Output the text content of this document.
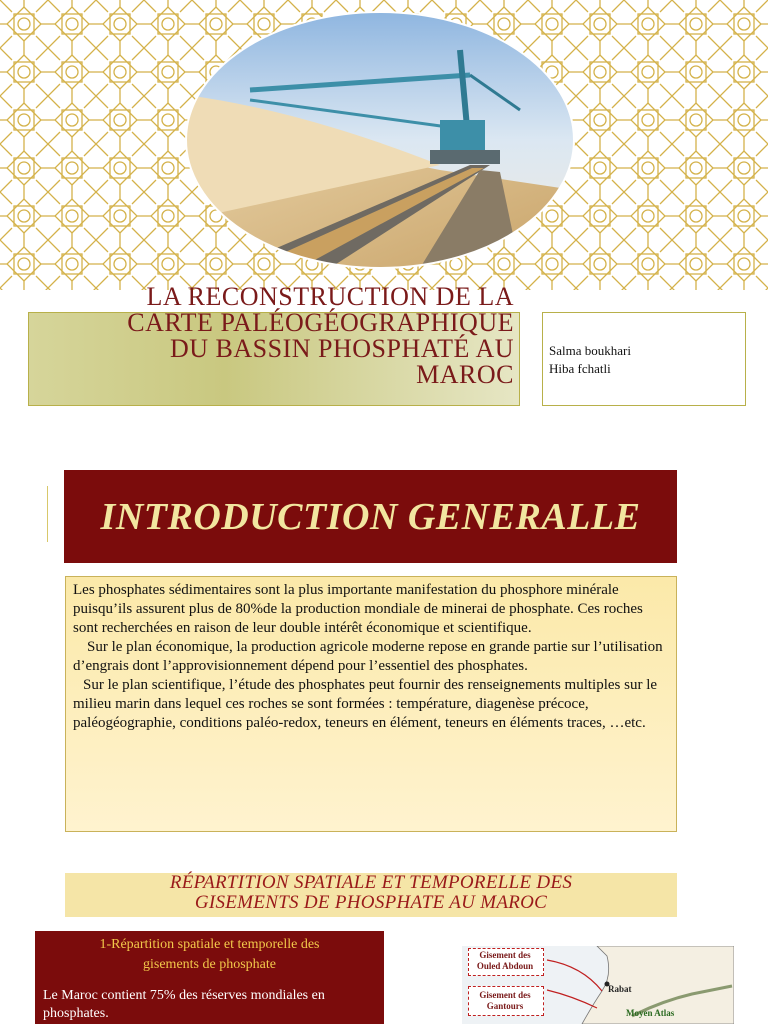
LA RECONSTRUCTION DE LA
CARTE PALÉOGÉOGRAPHIQUE
DU BASSIN PHOSPHATÉ AU
MAROC
Salma boukhari
Hiba fchatli
INTRODUCTION GENERALLE

Les phosphates sédimentaires sont la plus importante manifestation du phosphore minérale puisqu’ils assurent plus de 80%de la production mondiale de minerai de phosphate. Ces roches sont recherchées en raison de leur double intérêt économique et scientifique.

Sur le plan économique, la production agricole moderne repose en grande partie sur l’utilisation d’engrais dont l’approvisionnement dépend pour l’essentiel des phosphates.

Sur le plan scientifique, l’étude des phosphates peut fournir des renseignements multiples sur le milieu marin dans lequel ces roches se sont formées : température, diagenèse précoce, paléogéographie, conditions paléo-redox, teneurs en élément, teneurs en éléments traces, …etc.

RÉPARTITION SPATIALE ET TEMPORELLE DES
GISEMENTS DE PHOSPHATE AU MAROC
1-Répartition spatiale et temporelle des
gisements de phosphate
Le Maroc contient 75% des réserves mondiales en phosphates.
Gisement des
Ouled Abdoun
Gisement des
Gantours
Rabat
Moyen Atlas
